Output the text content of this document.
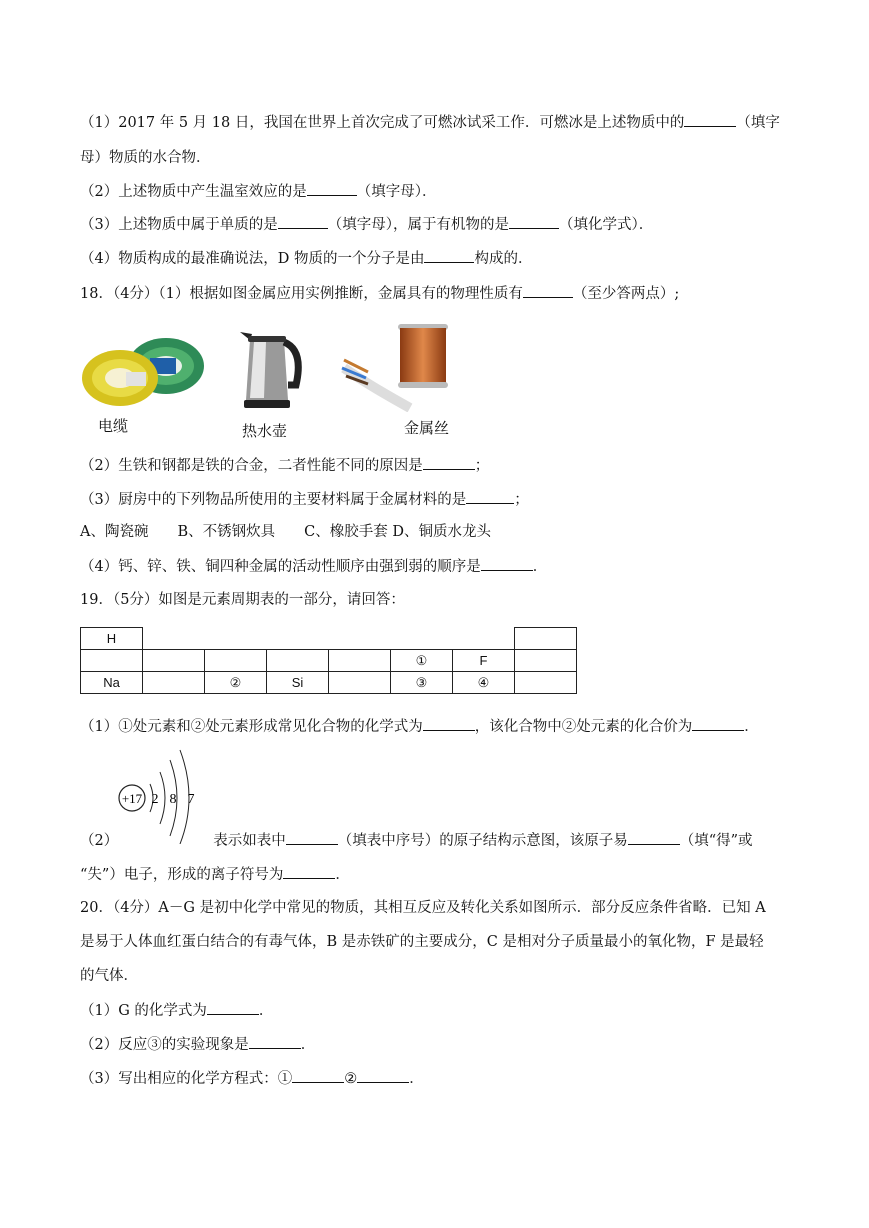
（1）2017 年 5 月 18 日，我国在世界上首次完成了可燃冰试采工作．可燃冰是上述物质中的	（填字
母）物质的水合物．
（2）上述物质中产生温室效应的是	（填字母）．
（3）上述物质中属于单质的是	（填字母），属于有机物的是	（填化学式）．
（4）物质构成的最准确说法，D 物质的一个分子是由	构成的．
18．（4分）（1）根据如图金属应用实例推断，金属具有的物理性质有	（至少答两点）;
电缆	热水壶	金属丝
（2）生铁和钢都是铁的合金，二者性能不同的原因是	；
（3）厨房中的下列物品所使用的主要材料属于金属材料的是	；
A、陶瓷碗　　B、不锈钢炊具　　C、橡胶手套 D、铜质水龙头
（4）钙、锌、铁、铜四种金属的活动性顺序由强到弱的顺序是	．
19．（5分）如图是元素周期表的一部分，请回答：
H							
					①	F	
Na		②	Si		③	④	
（1）①处元素和②处元素形成常见化合物的化学式为	，该化合物中②处元素的化合价为	．
+17 2 8 7
（2）	表示如表中	（填表中序号）的原子结构示意图，该原子易	（填“得”或
“失”）电子，形成的离子符号为	．
20．（4分）A－G 是初中化学中常见的物质，其相互反应及转化关系如图所示．部分反应条件省略．已知 A
是易于人体血红蛋白结合的有毒气体，B 是赤铁矿的主要成分，C 是相对分子质量最小的氧化物，F 是最轻
的气体．
（1）G 的化学式为	．
（2）反应③的实验现象是	．
（3）写出相应的化学方程式：①	②	．
